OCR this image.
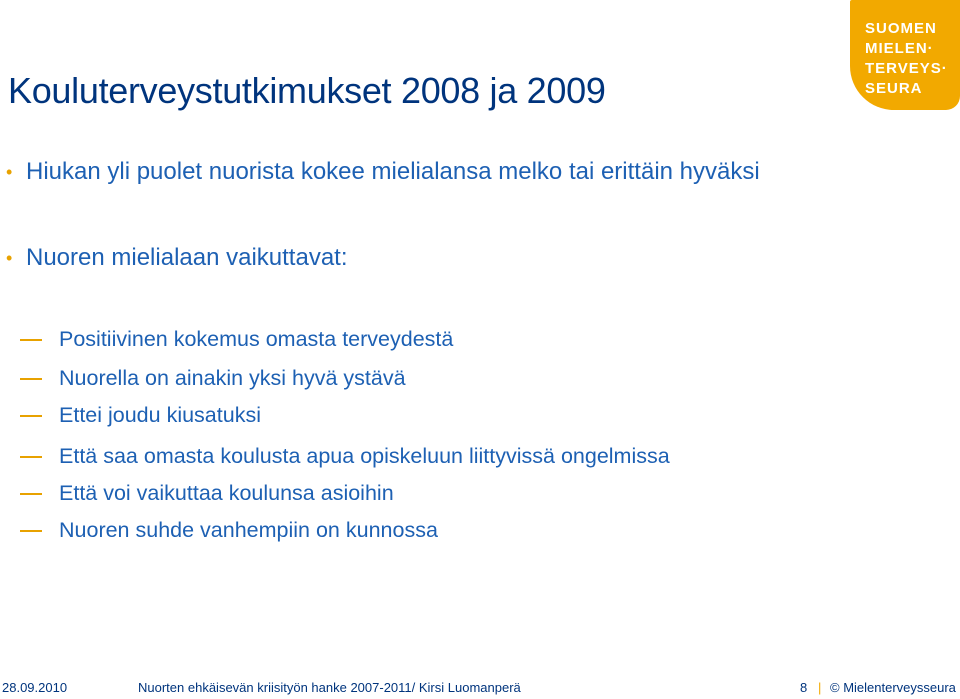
Kouluterveystutkimukset 2008 ja 2009
SUOMEN
MIELEN·
TERVEYS·
SEURA
• Hiukan yli puolet nuorista kokee mielialansa melko tai erittäin hyväksi
• Nuoren mielialaan vaikuttavat:
Positiivinen kokemus omasta terveydestä
Nuorella on ainakin yksi hyvä ystävä
Ettei joudu kiusatuksi
Että saa omasta koulusta apua opiskeluun liittyvissä ongelmissa
Että voi vaikuttaa koulunsa asioihin
Nuoren suhde vanhempiin on kunnossa
28.09.2010	Nuorten ehkäisevän kriisityön hanke 2007-2011/ Kirsi Luomanperä	8 | © Mielenterveysseura
